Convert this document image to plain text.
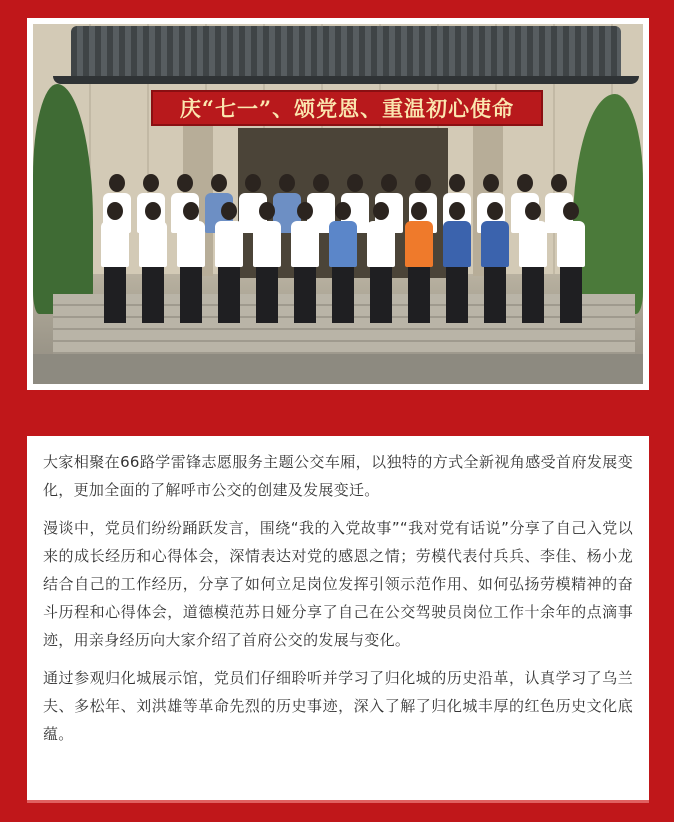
庆“七一”、颂党恩、重温初心使命

大家相聚在66路学雷锋志愿服务主题公交车厢，以独特的方式全新视角感受首府发展变化，更加全面的了解呼市公交的创建及发展变迁。

漫谈中，党员们纷纷踊跃发言，围绕“我的入党故事”“我对党有话说”分享了自己入党以来的成长经历和心得体会，深情表达对党的感恩之情；劳模代表付兵兵、李佳、杨小龙结合自己的工作经历，分享了如何立足岗位发挥引领示范作用、如何弘扬劳模精神的奋斗历程和心得体会，道德模范苏日娅分享了自己在公交驾驶员岗位工作十余年的点滴事迹，用亲身经历向大家介绍了首府公交的发展与变化。

通过参观归化城展示馆，党员们仔细聆听并学习了归化城的历史沿革，认真学习了乌兰夫、多松年、刘洪雄等革命先烈的历史事迹，深入了解了归化城丰厚的红色历史文化底蕴。
